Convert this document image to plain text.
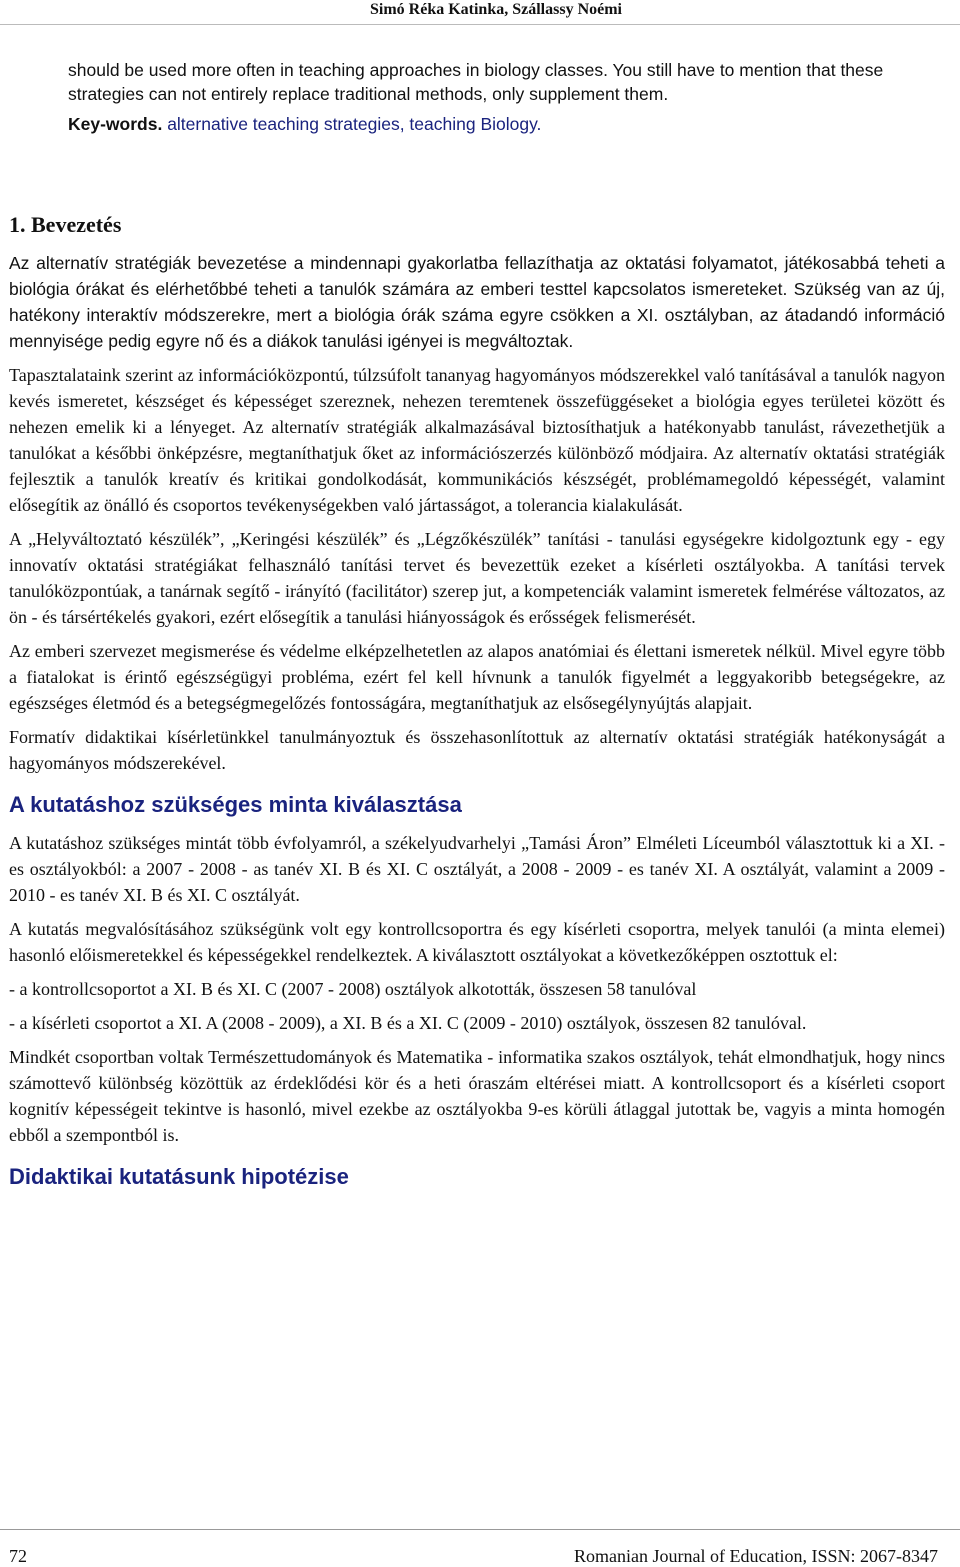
Simó Réka Katinka, Szállassy Noémi

should be used more often in teaching approaches in biology classes. You still have to mention that these strategies can not entirely replace traditional methods, only supplement them.

Key-words. alternative teaching strategies, teaching Biology.

1. Bevezetés

Az alternatív stratégiák bevezetése a mindennapi gyakorlatba fellazíthatja az oktatási folyamatot, játékosabbá teheti a biológia órákat és elérhetőbbé teheti a tanulók számára az emberi testtel kapcsolatos ismereteket. Szükség van az új, hatékony interaktív módszerekre, mert a biológia órák száma egyre csökken a XI. osztályban, az átadandó információ mennyisége pedig egyre nő és a diákok tanulási igényei is megváltoztak.

Tapasztalataink szerint az információközpontú, túlzsúfolt tananyag hagyományos módszerekkel való tanításával a tanulók nagyon kevés ismeretet, készséget és képességet szereznek, nehezen teremtenek összefüggéseket a biológia egyes területei között és nehezen emelik ki a lényeget. Az alternatív stratégiák alkalmazásával biztosíthatjuk a hatékonyabb tanulást, rávezethetjük a tanulókat a későbbi önképzésre, megtaníthatjuk őket az információszerzés különböző módjaira. Az alternatív oktatási stratégiák fejlesztik a tanulók kreatív és kritikai gondolkodását, kommunikációs készségét, problémamegoldó képességét, valamint elősegítik az önálló és csoportos tevékenységekben való jártasságot, a tolerancia kialakulását.

A „Helyváltoztató készülék”, „Keringési készülék” és „Légzőkészülék” tanítási - tanulási egységekre kidolgoztunk egy - egy innovatív oktatási stratégiákat felhasználó tanítási tervet és bevezettük ezeket a kísérleti osztályokba. A tanítási tervek tanulóközpontúak, a tanárnak segítő - irányító (facilitátor) szerep jut, a kompetenciák valamint ismeretek felmérése változatos, az ön - és társértékelés gyakori, ezért elősegítik a tanulási hiányosságok és erősségek felismerését.

Az emberi szervezet megismerése és védelme elképzelhetetlen az alapos anatómiai és élettani ismeretek nélkül. Mivel egyre több a fiatalokat is érintő egészségügyi probléma, ezért fel kell hívnunk a tanulók figyelmét a leggyakoribb betegségekre, az egészséges életmód és a betegségmegelőzés fontosságára, megtaníthatjuk az elsősegélynyújtás alapjait.

Formatív didaktikai kísérletünkkel tanulmányoztuk és összehasonlítottuk az alternatív oktatási stratégiák hatékonyságát a hagyományos módszerekével.

A kutatáshoz szükséges minta kiválasztása

A kutatáshoz szükséges mintát több évfolyamról, a székelyudvarhelyi „Tamási Áron” Elméleti Líceumból választottuk ki a XI. - es osztályokból: a 2007 - 2008 - as tanév XI. B és XI. C osztályát, a 2008 - 2009 - es tanév XI. A osztályát, valamint a 2009 - 2010 - es tanév XI. B és XI. C osztályát.

A kutatás megvalósításához szükségünk volt egy kontrollcsoportra és egy kísérleti csoportra, melyek tanulói (a minta elemei) hasonló előismeretekkel és képességekkel rendelkeztek. A kiválasztott osztályokat a következőképpen osztottuk el:

- a kontrollcsoportot a XI. B és XI. C (2007 - 2008) osztályok alkotották, összesen 58 tanulóval

- a kísérleti csoportot a XI. A (2008 - 2009), a XI. B és a XI. C (2009 - 2010) osztályok, összesen 82 tanulóval.

Mindkét csoportban voltak Természettudományok és Matematika - informatika szakos osztályok, tehát elmondhatjuk, hogy nincs számottevő különbség közöttük az érdeklődési kör és a heti óraszám eltérései miatt. A kontrollcsoport és a kísérleti csoport kognitív képességeit tekintve is hasonló, mivel ezekbe az osztályokba 9-es körüli átlaggal jutottak be, vagyis a minta homogén ebből a szempontból is.

Didaktikai kutatásunk hipotézise
72	Romanian Journal of Education, ISSN: 2067-8347
